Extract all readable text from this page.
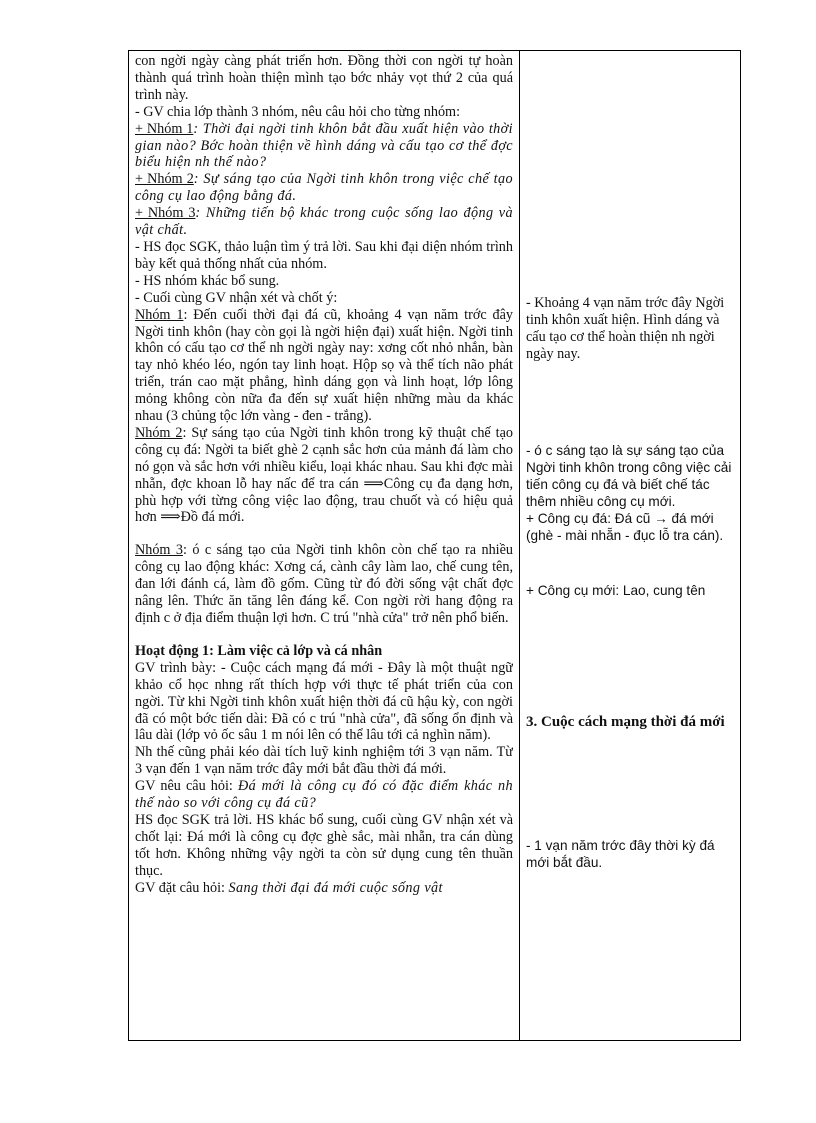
con ngời ngày càng phát triển hơn. Đồng thời con ngời tự hoàn thành quá trình hoàn thiện mình tạo bớc nhảy vọt thứ 2 của quá trình này.

- GV chia lớp thành 3 nhóm, nêu câu hỏi cho từng nhóm:

+ Nhóm 1: Thời đại ngời tinh khôn bắt đầu xuất hiện vào thời gian nào? Bớc hoàn thiện về hình dáng và cấu tạo cơ thể đợc biểu hiện nh thế nào?

+ Nhóm 2: Sự sáng tạo của Ngời tinh khôn trong việc chế tạo công cụ lao động bằng đá.

+ Nhóm 3: Những tiến bộ khác trong cuộc sống lao động và vật chất.

- HS đọc SGK, thảo luận tìm ý trả lời. Sau khi đại diện nhóm trình bày kết quả thống nhất của nhóm.

- HS nhóm khác bổ sung.

- Cuối cùng GV nhận xét và chốt ý:

Nhóm 1: Đến cuối thời đại đá cũ, khoảng 4 vạn năm trớc đây Ngời tinh khôn (hay còn gọi là ngời hiện đại) xuất hiện. Ngời tinh khôn có cấu tạo cơ thể nh ngời ngày nay: xơng cốt nhỏ nhắn, bàn tay nhỏ khéo léo, ngón tay linh hoạt. Hộp sọ và thể tích não phát triển, trán cao mặt phẳng, hình dáng gọn và linh hoạt, lớp lông mỏng không còn nữa đa đến sự xuất hiện những màu da khác nhau (3 chủng tộc lớn vàng - đen - trắng).

Nhóm 2: Sự sáng tạo của Ngời tinh khôn trong kỹ thuật chế tạo công cụ đá: Ngời ta biết ghè 2 cạnh sắc hơn của mảnh đá làm cho nó gọn và sắc hơn với nhiều kiểu, loại khác nhau. Sau khi đợc mài nhẵn, đợc khoan lỗ hay nấc để tra cán ⟹Công cụ đa dạng hơn, phù hợp với từng công việc lao động, trau chuốt và có hiệu quả hơn ⟹Đồ đá mới.

Nhóm 3: ó c sáng tạo của Ngời tinh khôn còn chế tạo ra nhiều công cụ lao động khác: Xơng cá, cành cây làm lao, chế cung tên, đan lới đánh cá, làm đồ gốm. Cũng từ đó đời sống vật chất đợc nâng lên. Thức ăn tăng lên đáng kể. Con ngời rời hang động ra định c ở địa điểm thuận lợi hơn. C trú "nhà cửa" trở nên phổ biến.

Hoạt động 1: Làm việc cả lớp và cá nhân

GV trình bày: - Cuộc cách mạng đá mới - Đây là một thuật ngữ khảo cổ học nhng rất thích hợp với thực tế phát triển của con ngời. Từ khi Ngời tinh khôn xuất hiện thời đá cũ hậu kỳ, con ngời đã có một bớc tiến dài: Đã có c trú "nhà cửa", đã sống ổn định và lâu dài (lớp vỏ ốc sâu 1 m nói lên có thể lâu tới cả nghìn năm).

Nh thế cũng phải kéo dài tích luỹ kinh nghiệm tới 3 vạn năm. Từ 3 vạn đến 1 vạn năm trớc đây mới bắt đầu thời đá mới.

GV nêu câu hỏi: Đá mới là công cụ đó có đặc điểm khác nh thế nào so với công cụ đá cũ?

HS đọc SGK trả lời. HS khác bổ sung, cuối cùng GV nhận xét và chốt lại: Đá mới là công cụ đợc ghè sắc, mài nhẵn, tra cán dùng tốt hơn. Không những vậy ngời ta còn sử dụng cung tên thuần thục.

GV đặt câu hỏi: Sang thời đại đá mới cuộc sống vật

- Khoảng 4 vạn năm trớc đây Ngời tinh khôn xuất hiện. Hình dáng và cấu tạo cơ thể hoàn thiện nh ngời ngày nay.

- ó c sáng tạo là sự sáng tạo của Ngời tinh khôn trong công việc cải tiến công cụ đá và biết chế tác thêm nhiều công cụ mới.

+ Công cụ đá: Đá cũ → đá mới (ghè - mài nhẵn - đục lỗ tra cán).

+ Công cụ mới: Lao, cung tên

3. Cuộc cách mạng thời đá mới

- 1 vạn năm trớc đây thời kỳ đá mới bắt đầu.
